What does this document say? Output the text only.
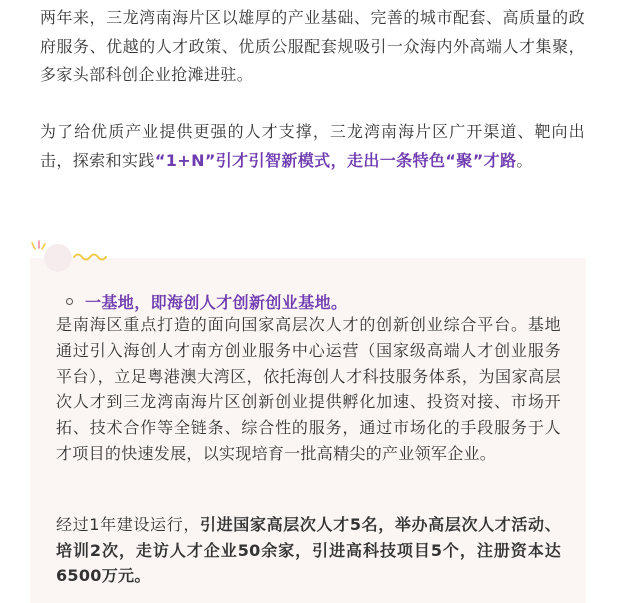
两年来，三龙湾南海片区以雄厚的产业基础、完善的城市配套、高质量的政府服务、优越的人才政策、优质公服配套规吸引一众海内外高端人才集聚，多家头部科创企业抢滩进驻。

为了给优质产业提供更强的人才支撑，三龙湾南海片区广开渠道、靶向出击，探索和实践“1+N”引才引智新模式，走出一条特色“聚”才路。

一基地，即海创人才创新创业基地。

是南海区重点打造的面向国家高层次人才的创新创业综合平台。基地通过引入海创人才南方创业服务中心运营（国家级高端人才创业服务平台），立足粤港澳大湾区，依托海创人才科技服务体系，为国家高层次人才到三龙湾南海片区创新创业提供孵化加速、投资对接、市场开拓、技术合作等全链条、综合性的服务，通过市场化的手段服务于人才项目的快速发展，以实现培育一批高精尖的产业领军企业。

经过1年建设运行，引进国家高层次人才5名，举办高层次人才活动、培训2次，走访人才企业50余家，引进高科技项目5个，注册资本达6500万元。
